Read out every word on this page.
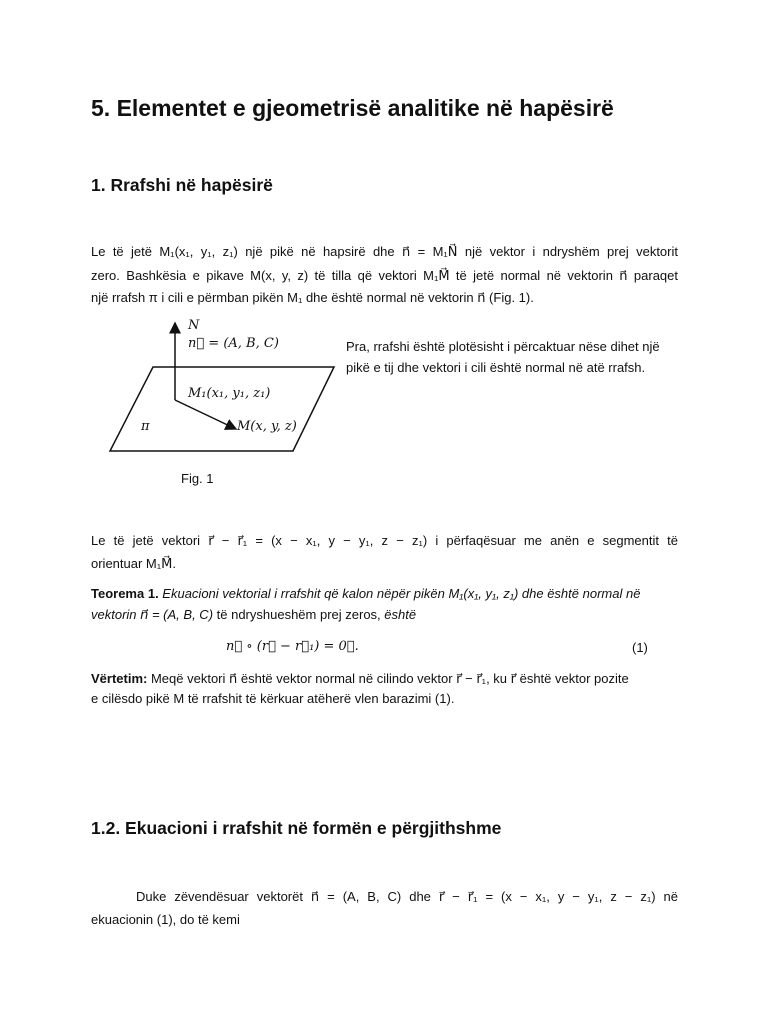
5. Elementet e gjeometrisë analitike në hapësirë
1. Rrafshi në hapësirë
Le të jetë M₁(x₁, y₁, z₁) një pikë në hapsirë dhe n⃗ = M₁N⃗ një vektor i ndryshëm prej vektorit
zero. Bashkësia e pikave M(x, y, z) të tilla që vektori M₁M⃗ të jetë normal në vektorin n⃗ paraqet
një rrafsh π i cili e përmban pikën M₁ dhe është normal në vektorin n⃗ (Fig. 1).
N
n⃗ = (A, B, C)
M₁(x₁, y₁, z₁)
M(x, y, z)
π
Fig. 1
Pra, rrafshi është plotësisht i përcaktuar nëse dihet një
pikë e tij dhe vektori i cili është normal në atë rrafsh.
Le të jetë vektori r⃗ − r⃗₁ = (x − x₁, y − y₁, z − z₁) i përfaqësuar me anën e segmentit të
orientuar M₁M⃗.
Teorema 1. Ekuacioni vektorial i rrafshit që kalon nëpër pikën M₁(x₁, y₁, z₁) dhe është normal në
vektorin n⃗ = (A, B, C) të ndryshueshëm prej zeros, është
n⃗ ∘ (r⃗ − r⃗₁) = 0⃗.	(1)
Vërtetim: Meqë vektori n⃗ është vektor normal në cilindo vektor r⃗ − r⃗₁, ku r⃗ është vektor pozite
e cilësdo pikë M të rrafshit të kërkuar atëherë vlen barazimi (1).
1.2. Ekuacioni i rrafshit në formën e përgjithshme
Duke zëvendësuar vektorët n⃗ = (A, B, C) dhe r⃗ − r⃗₁ = (x − x₁, y − y₁, z − z₁) në
ekuacionin (1), do të kemi
